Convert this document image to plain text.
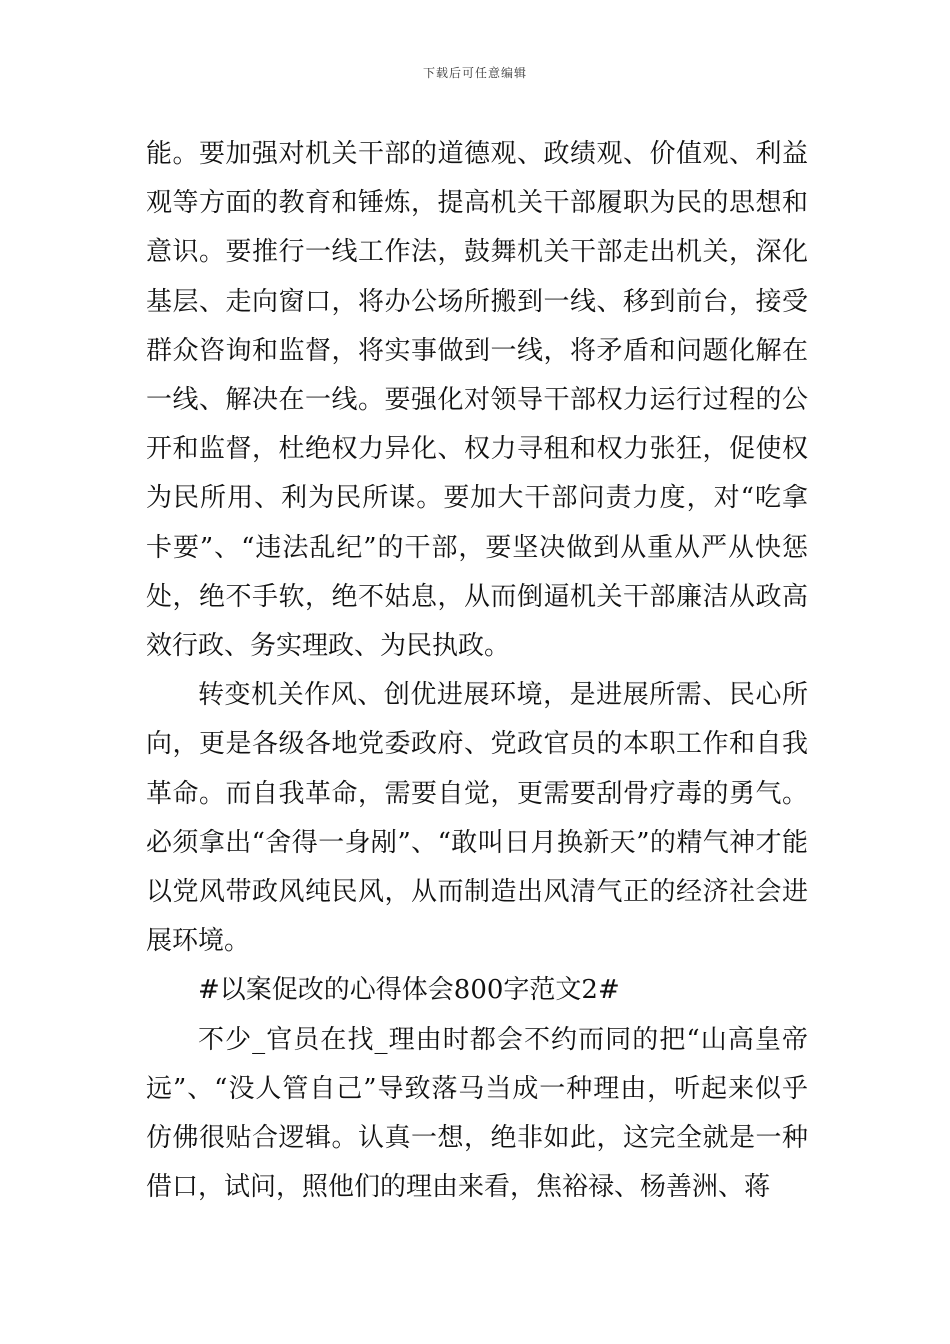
下载后可任意编辑

能。要加强对机关干部的道德观、政绩观、价值观、利益观等方面的教育和锤炼，提高机关干部履职为民的思想和意识。要推行一线工作法，鼓舞机关干部走出机关，深化基层、走向窗口，将办公场所搬到一线、移到前台，接受群众咨询和监督，将实事做到一线，将矛盾和问题化解在一线、解决在一线。要强化对领导干部权力运行过程的公开和监督，杜绝权力异化、权力寻租和权力张狂，促使权为民所用、利为民所谋。要加大干部问责力度，对“吃拿卡要”、“违法乱纪”的干部，要坚决做到从重从严从快惩处，绝不手软，绝不姑息，从而倒逼机关干部廉洁从政高效行政、务实理政、为民执政。

转变机关作风、创优进展环境，是进展所需、民心所向，更是各级各地党委政府、党政官员的本职工作和自我革命。而自我革命，需要自觉，更需要刮骨疗毒的勇气。必须拿出“舍得一身剐”、“敢叫日月换新天”的精气神才能以党风带政风纯民风，从而制造出风清气正的经济社会进展环境。

#以案促改的心得体会800字范文2#

不少_官员在找_理由时都会不约而同的把“山高皇帝远”、“没人管自己”导致落马当成一种理由，听起来似乎仿佛很贴合逻辑。认真一想，绝非如此，这完全就是一种借口，试问，照他们的理由来看，焦裕禄、杨善洲、蒋
